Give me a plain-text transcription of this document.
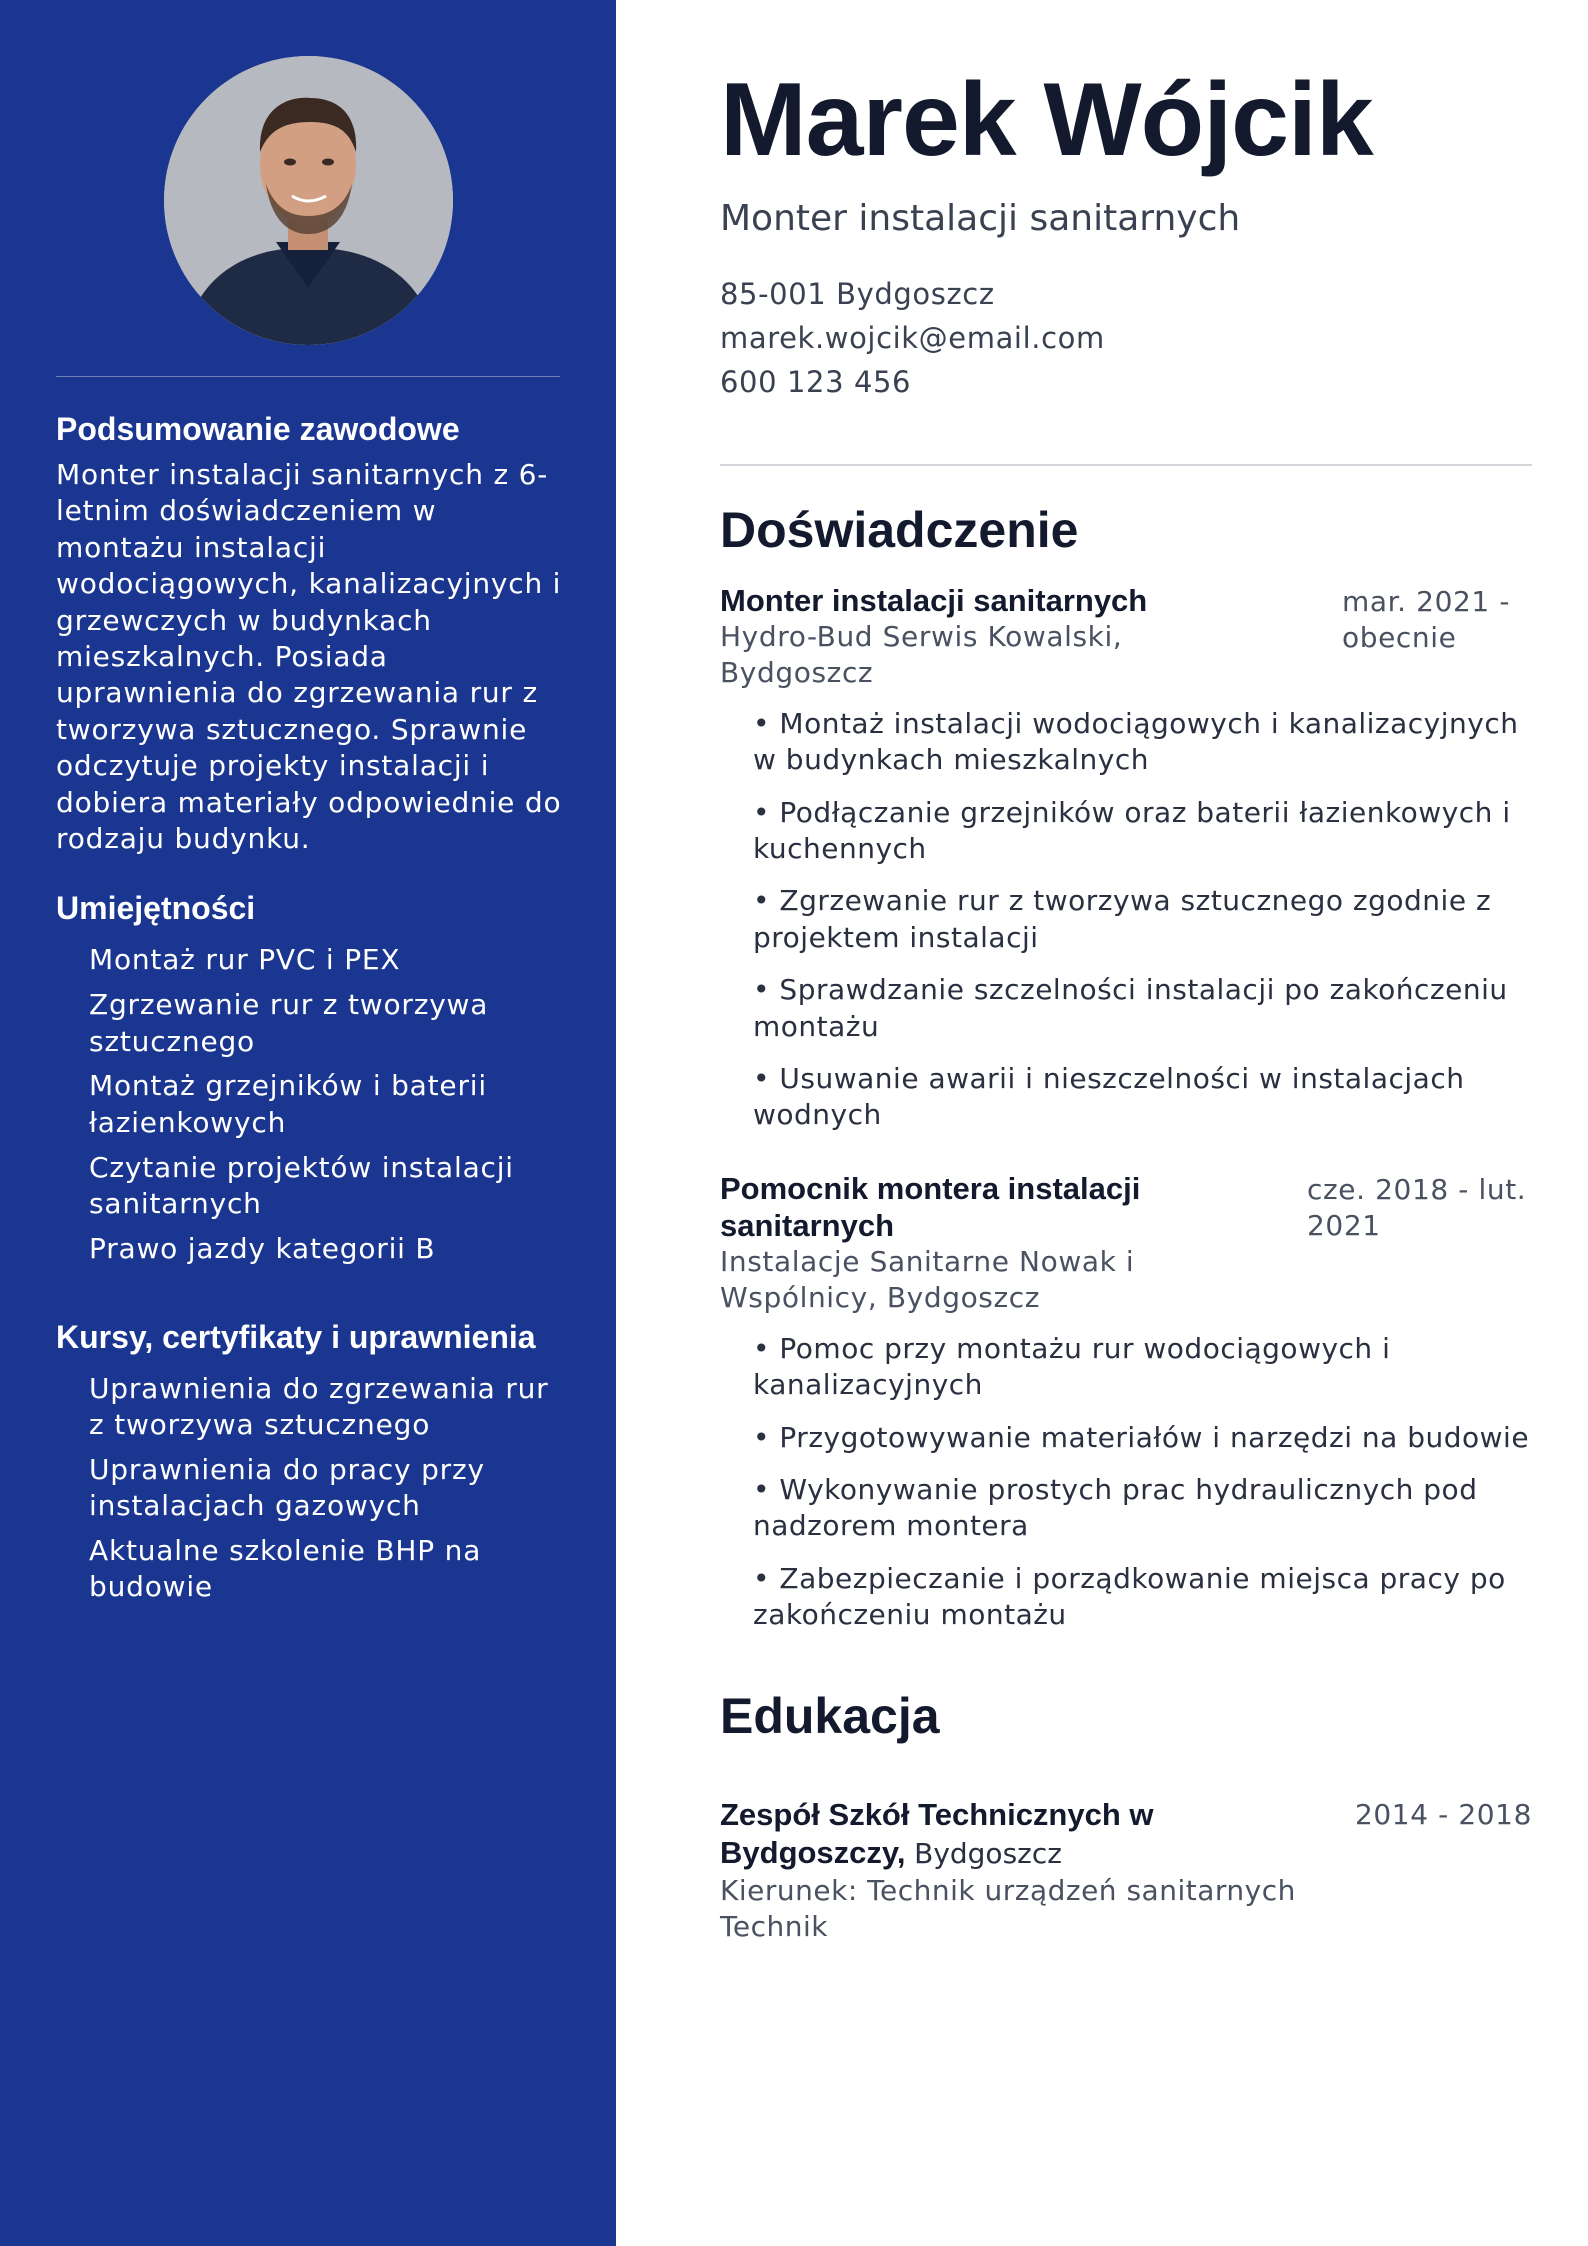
Podsumowanie zawodowe

Monter instalacji sanitarnych z 6-letnim doświadczeniem w montażu instalacji wodociągowych, kanalizacyjnych i grzewczych w budynkach mieszkalnych. Posiada uprawnienia do zgrzewania rur z tworzywa sztucznego. Sprawnie odczytuje projekty instalacji i dobiera materiały odpowiednie do rodzaju budynku.

Umiejętności
Montaż rur PVC i PEX
Zgrzewanie rur z tworzywa sztucznego
Montaż grzejników i baterii łazienkowych
Czytanie projektów instalacji sanitarnych
Prawo jazdy kategorii B
Kursy, certyfikaty i uprawnienia
Uprawnienia do zgrzewania rur z tworzywa sztucznego
Uprawnienia do pracy przy instalacjach gazowych
Aktualne szkolenie BHP na budowie
Marek Wójcik

Monter instalacji sanitarnych

85-001 Bydgoszcz
marek.wojcik@email.com
600 123 456
Doświadczenie

Monter instalacji sanitarnych

Hydro-Bud Serwis Kowalski, Bydgoszcz

mar. 2021 - obecnie
• Montaż instalacji wodociągowych i kanalizacyjnych w budynkach mieszkalnych
• Podłączanie grzejników oraz baterii łazienkowych i kuchennych
• Zgrzewanie rur z tworzywa sztucznego zgodnie z projektem instalacji
• Sprawdzanie szczelności instalacji po zakończeniu montażu
• Usuwanie awarii i nieszczelności w instalacjach wodnych

Pomocnik montera instalacji sanitarnych

Instalacje Sanitarne Nowak i Wspólnicy, Bydgoszcz

cze. 2018 - lut. 2021
• Pomoc przy montażu rur wodociągowych i kanalizacyjnych
• Przygotowywanie materiałów i narzędzi na budowie
• Wykonywanie prostych prac hydraulicznych pod nadzorem montera
• Zabezpieczanie i porządkowanie miejsca pracy po zakończeniu montażu
Edukacja

Zespół Szkół Technicznych w Bydgoszczy, Bydgoszcz

Kierunek: Technik urządzeń sanitarnych

Technik

2014 - 2018
